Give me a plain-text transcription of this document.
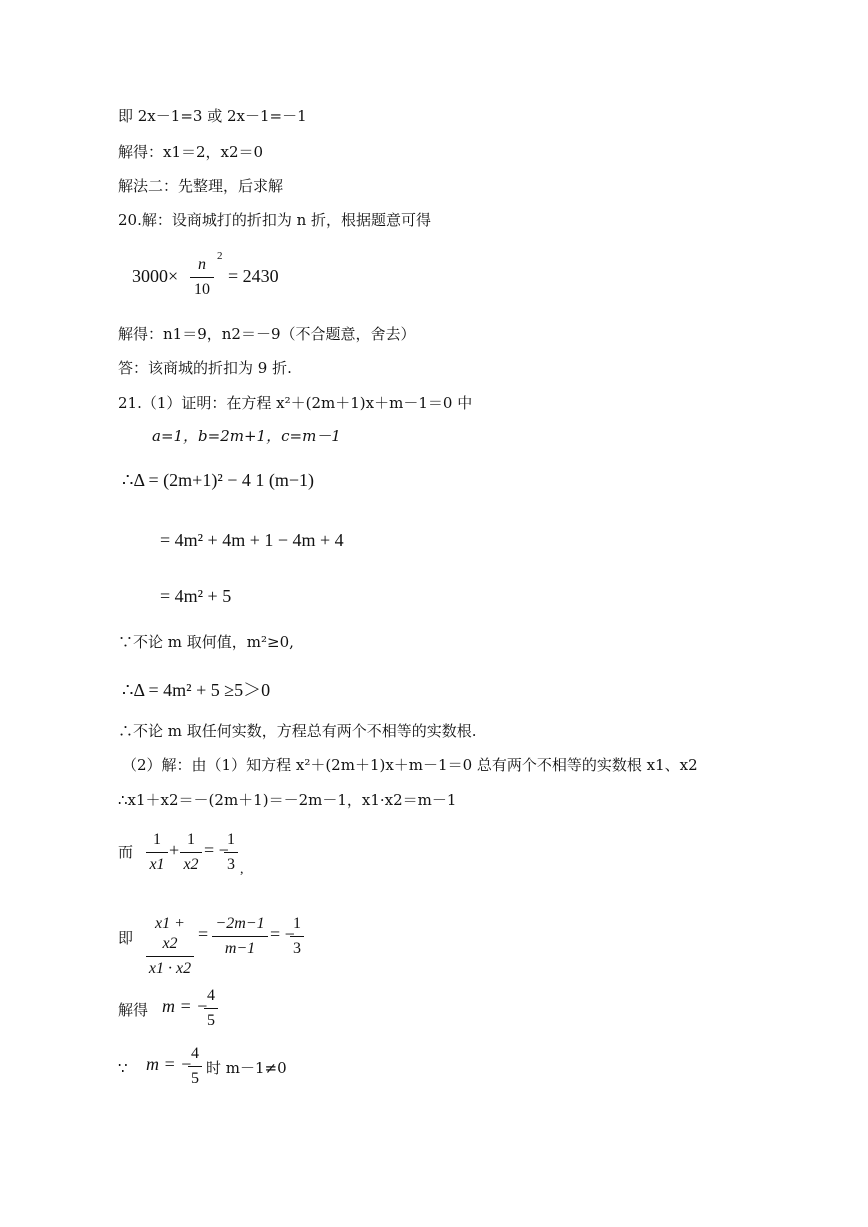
即 2x－1=3 或 2x－1=－1
解得：x1＝2，x2＝0
解法二：先整理，后求解
20.解：设商城打的折扣为 n 折，根据题意可得
3000×
n
10
2
= 2430
解得：n1＝9，n2＝－9（不合题意，舍去）
答：该商城的折扣为 9 折.
21.（1）证明：在方程 x²＋(2m＋1)x＋m－1＝0 中
a=1，b=2m+1，c=m－1
∴Δ = (2m+1)² − 4 1 (m−1)
= 4m² + 4m + 1 − 4m + 4
= 4m² + 5
∵不论 m 取何值，m²≥0,
∴Δ = 4m² + 5 ≥5＞0
∴不论 m 取任何实数，方程总有两个不相等的实数根.
（2）解：由（1）知方程 x²＋(2m＋1)x＋m－1＝0 总有两个不相等的实数根 x1、x2
∴x1＋x2＝－(2m＋1)＝－2m－1，x1·x2＝m－1
而
1
x1
+
1
x2
= −
1
3 ,
即
x1 + x2
x1 · x2
=
−2m−1
m−1
= −
1
3
解得 m = −
4
5
∵ m = −
4
5
时 m－1≠0
